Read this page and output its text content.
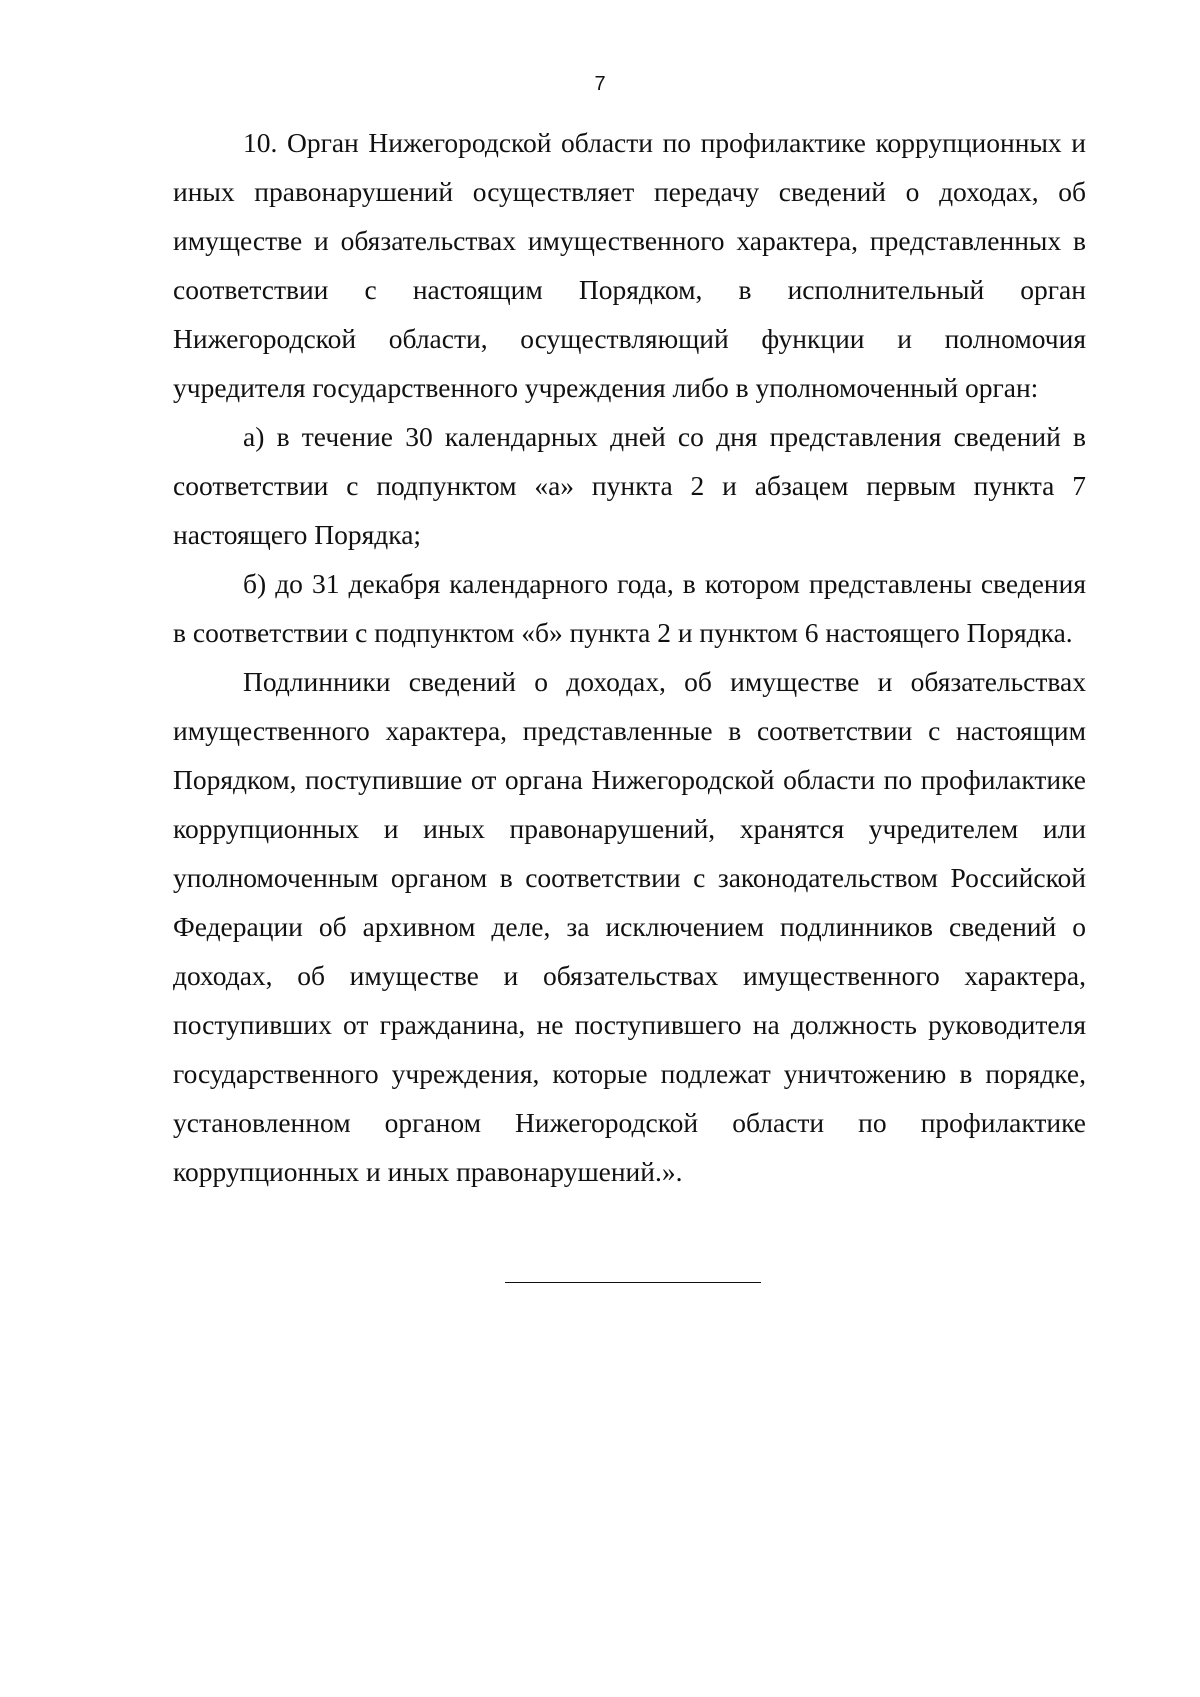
7

10. Орган Нижегородской области по профилактике коррупционных и иных правонарушений осуществляет передачу сведений о доходах, об имуществе и обязательствах имущественного характера, представленных в соответствии с настоящим Порядком, в исполнительный орган Нижегородской области, осуществляющий функции и полномочия учредителя государственного учреждения либо в уполномоченный орган:

а) в течение 30 календарных дней со дня представления сведений в соответствии с подпунктом «а» пункта 2 и абзацем первым пункта 7 настоящего Порядка;

б) до 31 декабря календарного года, в котором представлены сведения в соответствии с подпунктом «б» пункта 2 и пунктом 6 настоящего Порядка.

Подлинники сведений о доходах, об имуществе и обязательствах имущественного характера, представленные в соответствии с настоящим Порядком, поступившие от органа Нижегородской области по профилактике коррупционных и иных правонарушений, хранятся учредителем или уполномоченным органом в соответствии с законодательством Российской Федерации об архивном деле, за исключением подлинников сведений о доходах, об имуществе и обязательствах имущественного характера, поступивших от гражданина, не поступившего на должность руководителя государственного учреждения, которые подлежат уничтожению в порядке, установленном органом Нижегородской области по профилактике коррупционных и иных правонарушений.».
